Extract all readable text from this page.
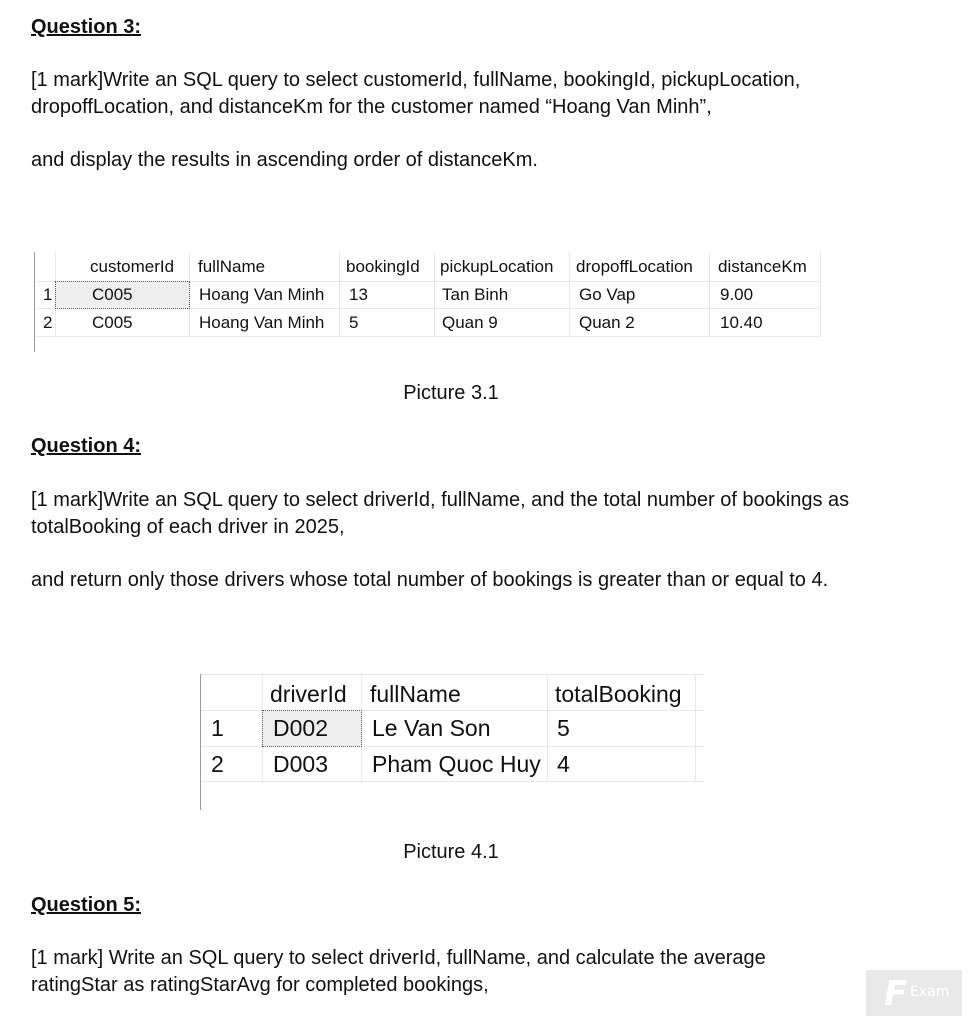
Question 3:
[1 mark]Write an SQL query to select customerId, fullName, bookingId, pickupLocation,
dropoffLocation, and distanceKm for the customer named “Hoang Van Minh”,
and display the results in ascending order of distanceKm.
customerId fullName	bookingId pickupLocation dropoffLocation distanceKm
1 C005	Hoang Van Minh 13	Tan Binh	Go Vap	9.00
2 C005	Hoang Van Minh 5	Quan 9	Quan 2	10.40
Picture 3.1
Question 4:
[1 mark]Write an SQL query to select driverId, fullName, and the total number of bookings as
totalBooking of each driver in 2025,
and return only those drivers whose total number of bookings is greater than or equal to 4.
driverId fullName	totalBooking
1 D002 Le Van Son	5
2 D003 Pham Quoc Huy 4
Picture 4.1
Question 5:
[1 mark] Write an SQL query to select driverId, fullName, and calculate the average
ratingStar as ratingStarAvg for completed bookings,	F Exam
